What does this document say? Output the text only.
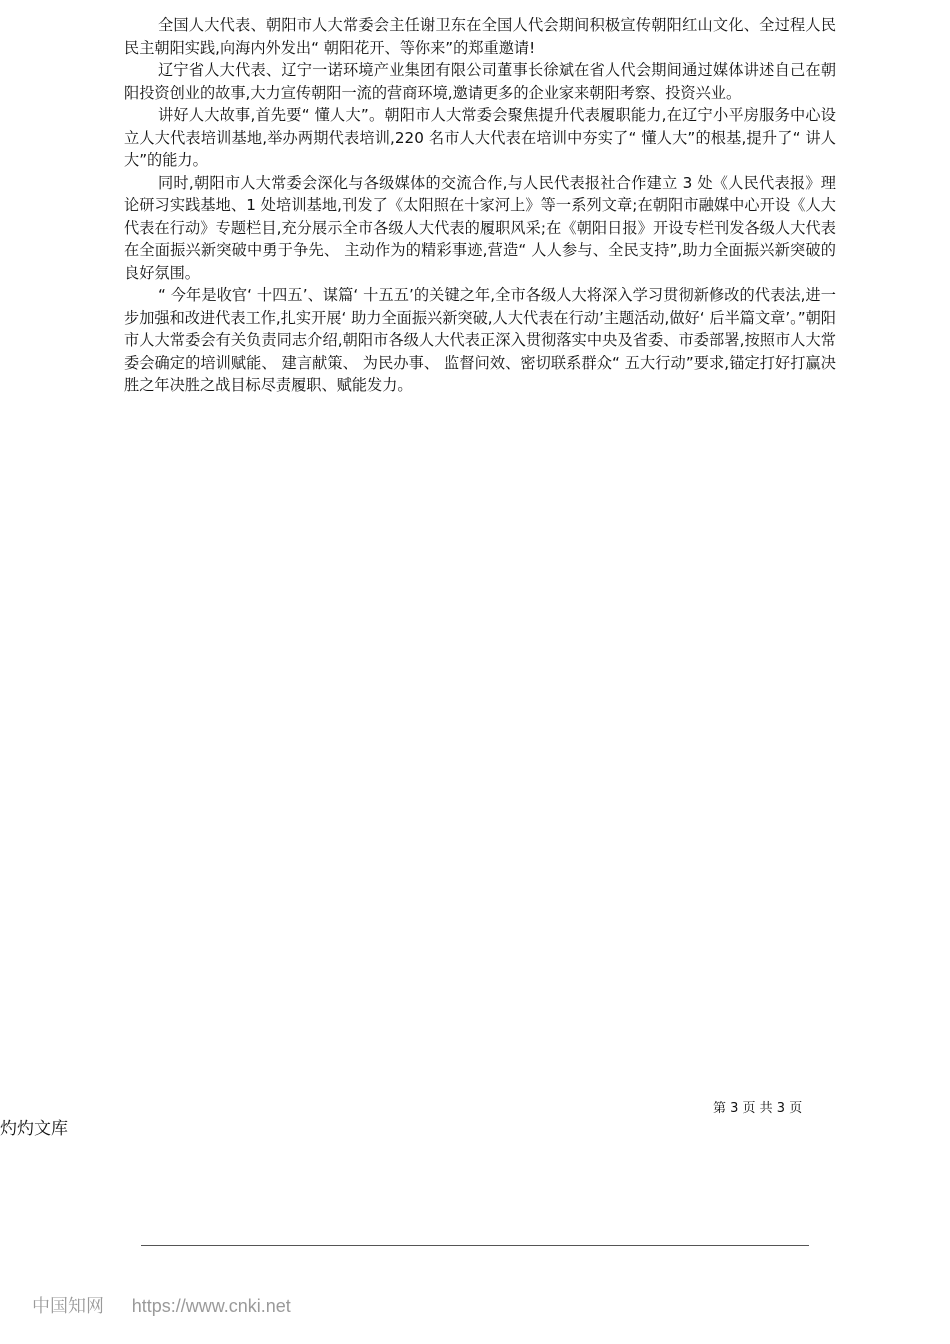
全国人大代表、朝阳市人大常委会主任谢卫东在全国人代会期间积极宣传朝阳红山文化、全过程人民民主朝阳实践,向海内外发出“ 朝阳花开、等你来”的郑重邀请!

辽宁省人大代表、辽宁一诺环境产业集团有限公司董事长徐斌在省人代会期间通过媒体讲述自己在朝阳投资创业的故事,大力宣传朝阳一流的营商环境,邀请更多的企业家来朝阳考察、投资兴业。

讲好人大故事,首先要“ 懂人大”。朝阳市人大常委会聚焦提升代表履职能力,在辽宁小平房服务中心设立人大代表培训基地,举办两期代表培训,220 名市人大代表在培训中夯实了“ 懂人大”的根基,提升了“ 讲人大”的能力。

同时,朝阳市人大常委会深化与各级媒体的交流合作,与人民代表报社合作建立 3 处《人民代表报》理论研习实践基地、1 处培训基地,刊发了《太阳照在十家河上》等一系列文章;在朝阳市融媒中心开设《人大代表在行动》专题栏目,充分展示全市各级人大代表的履职风采;在《朝阳日报》开设专栏刊发各级人大代表在全面振兴新突破中勇于争先、 主动作为的精彩事迹,营造“ 人人参与、全民支持”,助力全面振兴新突破的良好氛围。

“ 今年是收官‘ 十四五’、谋篇‘ 十五五’的关键之年,全市各级人大将深入学习贯彻新修改的代表法,进一步加强和改进代表工作,扎实开展‘ 助力全面振兴新突破,人大代表在行动’主题活动,做好‘ 后半篇文章’。”朝阳市人大常委会有关负责同志介绍,朝阳市各级人大代表正深入贯彻落实中央及省委、市委部署,按照市人大常委会确定的培训赋能、 建言献策、 为民办事、 监督问效、密切联系群众“ 五大行动”要求,锚定打好打赢决胜之年决胜之战目标尽责履职、赋能发力。

第 3 页 共 3 页
灼灼文库
中国知网 https://www.cnki.net
